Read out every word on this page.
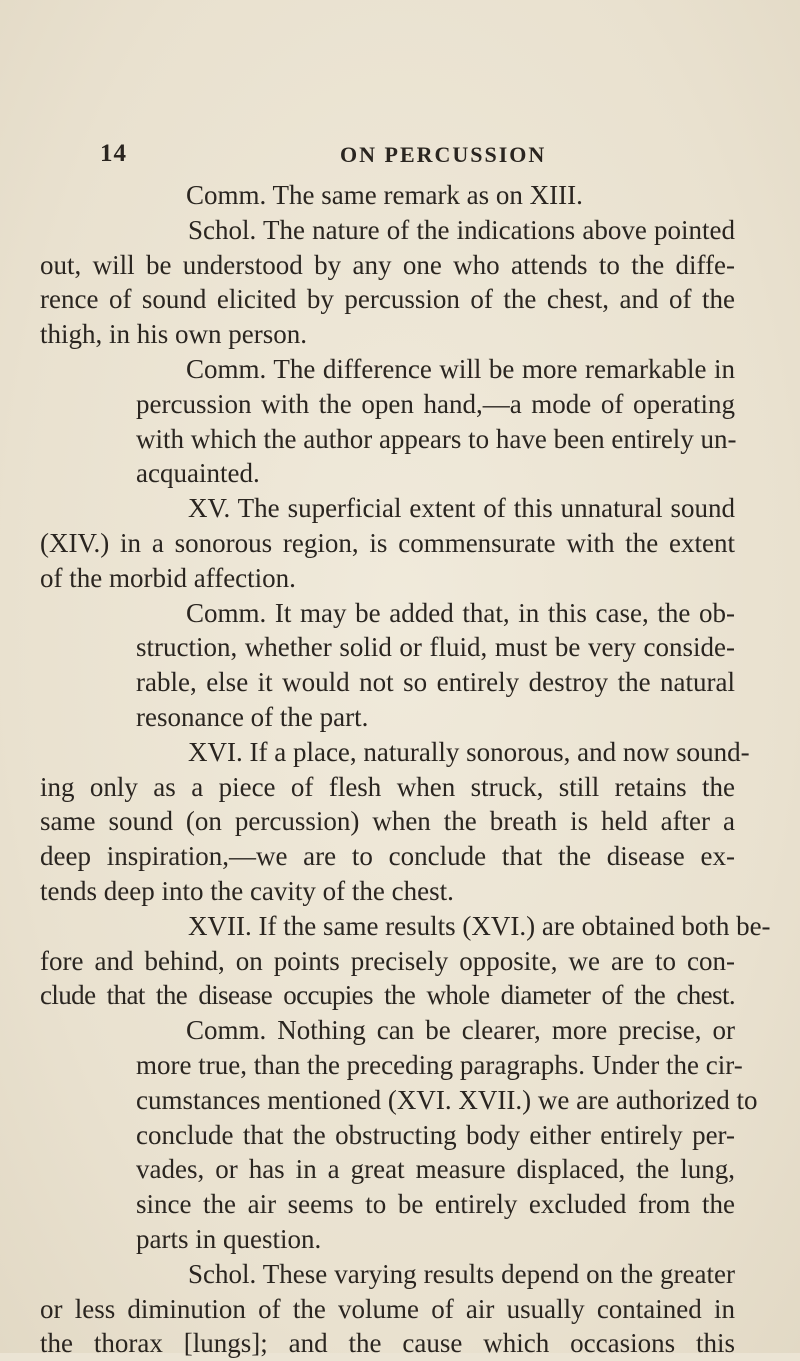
14	ON PERCUSSION
Comm. The same remark as on XIII.
Schol. The nature of the indications above pointed
out, will be understood by any one who attends to the diffe-
rence of sound elicited by percussion of the chest, and of the
thigh, in his own person.
Comm. The difference will be more remarkable in
percussion with the open hand,—a mode of operating
with which the author appears to have been entirely un-
acquainted.
XV. The superficial extent of this unnatural sound
(XIV.) in a sonorous region, is commensurate with the extent
of the morbid affection.
Comm. It may be added that, in this case, the ob-
struction, whether solid or fluid, must be very conside-
rable, else it would not so entirely destroy the natural
resonance of the part.
XVI. If a place, naturally sonorous, and now sound-
ing only as a piece of flesh when struck, still retains the
same sound (on percussion) when the breath is held after a
deep inspiration,—we are to conclude that the disease ex-
tends deep into the cavity of the chest.
XVII. If the same results (XVI.) are obtained both be-
fore and behind, on points precisely opposite, we are to con-
clude that the disease occupies the whole diameter of the chest.
Comm. Nothing can be clearer, more precise, or
more true, than the preceding paragraphs. Under the cir-
cumstances mentioned (XVI. XVII.) we are authorized to
conclude that the obstructing body either entirely per-
vades, or has in a great measure displaced, the lung,
since the air seems to be entirely excluded from the
parts in question.
Schol. These varying results depend on the greater
or less diminution of the volume of air usually contained in
the thorax [lungs]; and the cause which occasions this
